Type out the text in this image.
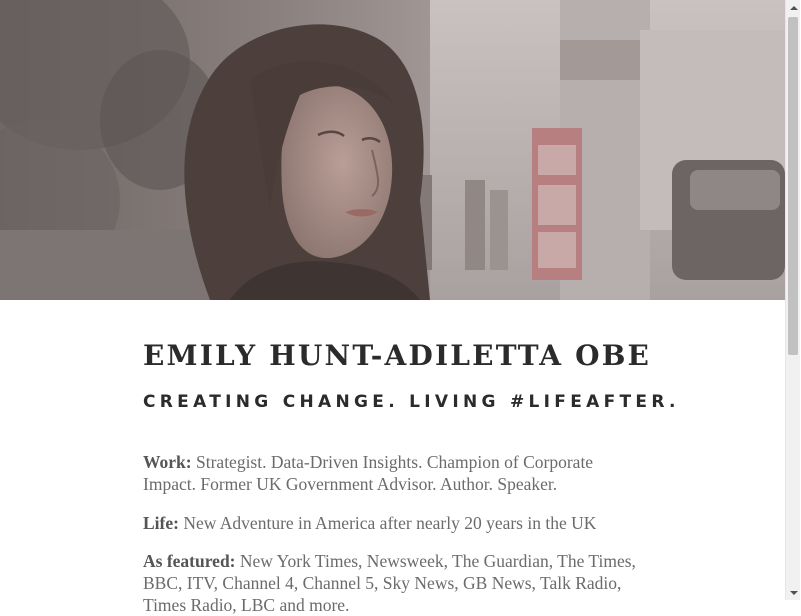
EMILY HUNT-ADILETTA OBE
CREATING CHANGE. LIVING #LIFEAFTER.

Work: Strategist. Data-Driven Insights. Champion of Corporate Impact. Former UK Government Advisor. Author. Speaker.

Life: New Adventure in America after nearly 20 years in the UK

As featured: New York Times, Newsweek, The Guardian, The Times, BBC, ITV, Channel 4, Channel 5, Sky News, GB News, Talk Radio, Times Radio, LBC and more.
